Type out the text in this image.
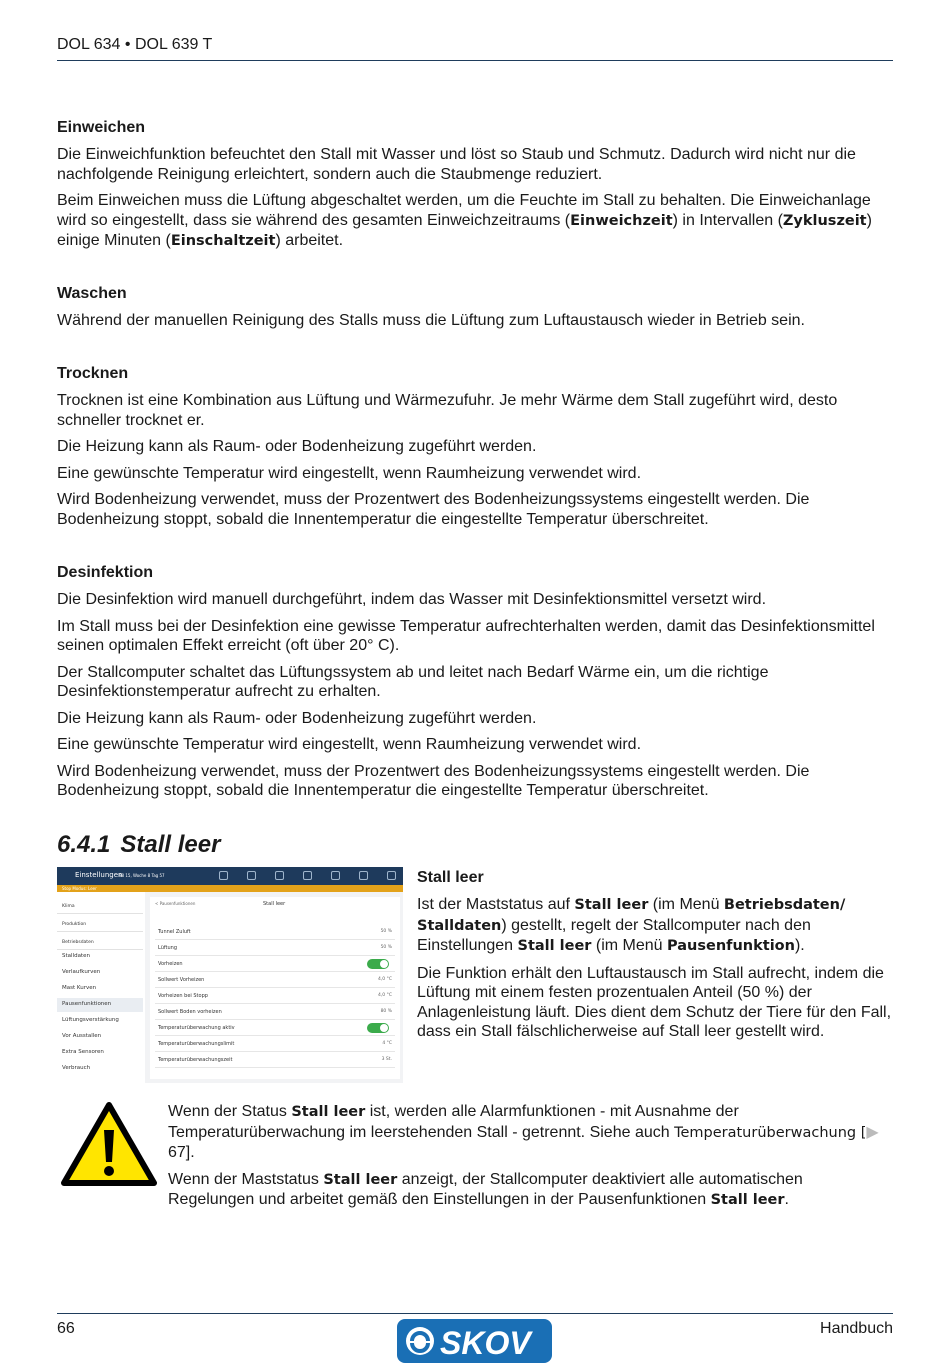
DOL 634 • DOL 639 T
Einweichen
Die Einweichfunktion befeuchtet den Stall mit Wasser und löst so Staub und Schmutz. Dadurch wird nicht nur die nachfolgende Reinigung erleichtert, sondern auch die Staubmenge reduziert.
Beim Einweichen muss die Lüftung abgeschaltet werden, um die Feuchte im Stall zu behalten. Die Einweichanlage wird so eingestellt, dass sie während des gesamten Einweichzeitraums (Einweichzeit) in Intervallen (Zykluszeit) einige Minuten (Einschaltzeit) arbeitet.
Waschen
Während der manuellen Reinigung des Stalls muss die Lüftung zum Luftaustausch wieder in Betrieb sein.
Trocknen
Trocknen ist eine Kombination aus Lüftung und Wärmezufuhr. Je mehr Wärme dem Stall zugeführt wird, desto schneller trocknet er.
Die Heizung kann als Raum- oder Bodenheizung zugeführt werden.
Eine gewünschte Temperatur wird eingestellt, wenn Raumheizung verwendet wird.
Wird Bodenheizung verwendet, muss der Prozentwert des Bodenheizungssystems eingestellt werden. Die Bodenheizung stoppt, sobald die Innentemperatur die eingestellte Temperatur überschreitet.
Desinfektion
Die Desinfektion wird manuell durchgeführt, indem das Wasser mit Desinfektionsmittel versetzt wird.
Im Stall muss bei der Desinfektion eine gewisse Temperatur aufrechterhalten werden, damit das Desinfektionsmittel seinen optimalen Effekt erreicht (oft über 20° C).
Der Stallcomputer schaltet das Lüftungssystem ab und leitet nach Bedarf Wärme ein, um die richtige Desinfektionstemperatur aufrecht zu erhalten.
Die Heizung kann als Raum- oder Bodenheizung zugeführt werden.
Eine gewünschte Temperatur wird eingestellt, wenn Raumheizung verwendet wird.
Wird Bodenheizung verwendet, muss der Prozentwert des Bodenheizungssystems eingestellt werden. Die Bodenheizung stoppt, sobald die Innentemperatur die eingestellte Temperatur überschreitet.
6.4.1 Stall leer
Einstellungen
98 15, Woche 8 Tag 57
Stop Modus: Leer
Klima
Produktion
Betriebsdaten
Stalldaten
Verlaufkurven
Mast Kurven
Pausenfunktionen
Lüftungsverstärkung
Vor Ausstallen
Extra Sensoren
Verbrauch
< Pausenfunktionen	Stall leer
Tunnel Zuluft	50 %
Lüftung	50 %
Vorheizen
Sollwert Vorheizen	4,0 °C
Vorheizen bei Stopp	4,0 °C
Sollwert Boden vorheizen	80 %
Temperaturüberwachung aktiv
Temperaturüberwachungslimit	4 °C
Temperaturüberwachungszeit	3 St.
Stall leer
Ist der Maststatus auf Stall leer (im Menü Betriebsdaten/ Stalldaten) gestellt, regelt der Stallcomputer nach den Einstellungen Stall leer (im Menü Pausenfunktion).
Die Funktion erhält den Luftaustausch im Stall aufrecht, indem die Lüftung mit einem festen prozentualen Anteil (50 %) der Anlagenleistung läuft. Dies dient dem Schutz der Tiere für den Fall, dass ein Stall fälschlicherweise auf Stall leer gestellt wird.
Wenn der Status Stall leer ist, werden alle Alarmfunktionen - mit Ausnahme der Temperaturüberwachung im leerstehenden Stall - getrennt. Siehe auch Temperaturüberwachung [▶ 67].
Wenn der Maststatus Stall leer anzeigt, der Stallcomputer deaktiviert alle automatischen Regelungen und arbeitet gemäß den Einstellungen in der Pausenfunktionen Stall leer.
66	Handbuch
SKOV
